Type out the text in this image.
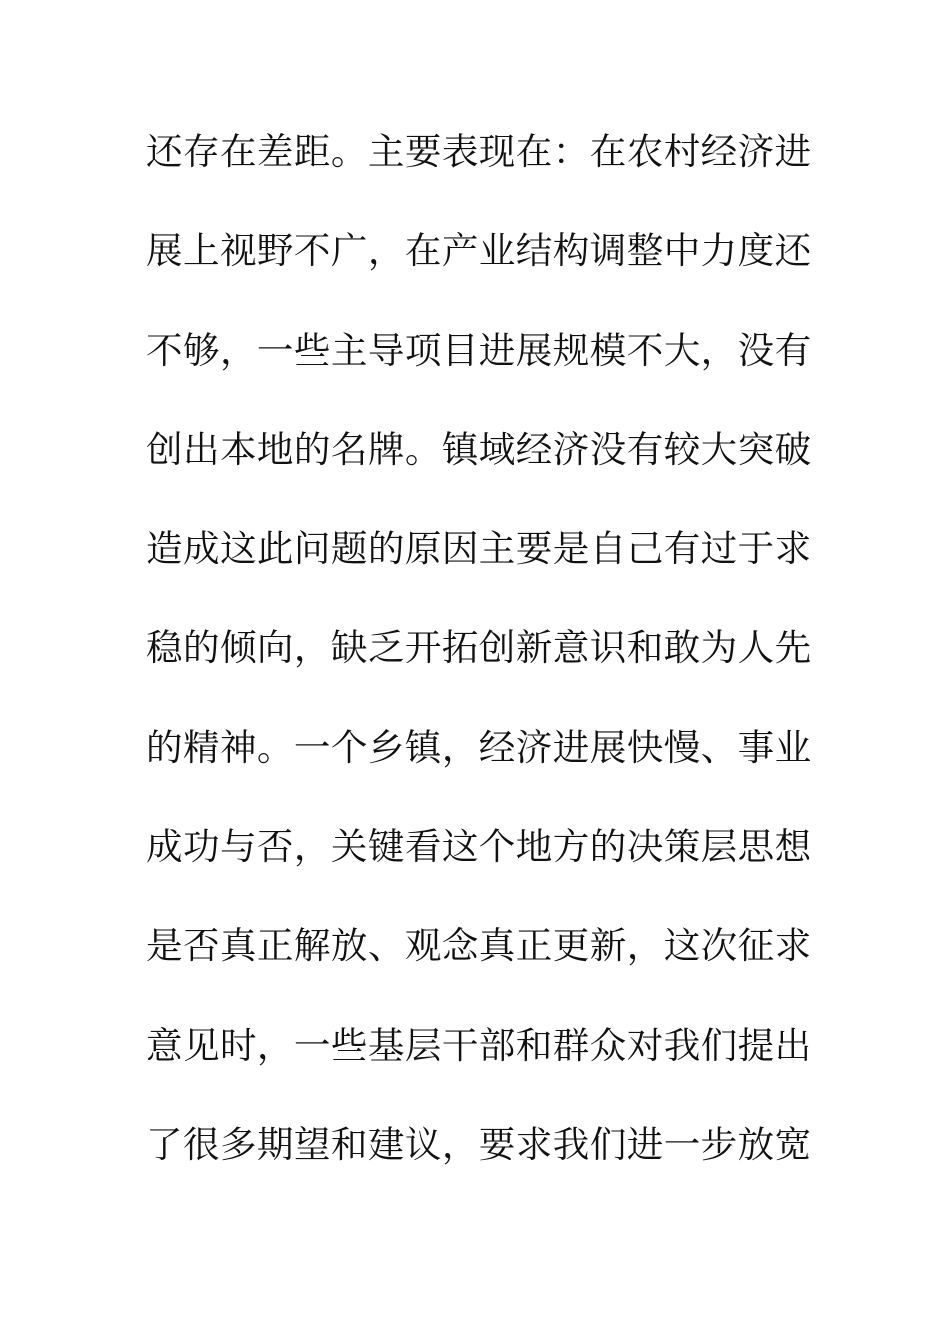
还存在差距。主要表现在：在农村经济进
展上视野不广，在产业结构调整中力度还
不够，一些主导项目进展规模不大，没有
创出本地的名牌。镇域经济没有较大突破
造成这此问题的原因主要是自己有过于求
稳的倾向，缺乏开拓创新意识和敢为人先
的精神。一个乡镇，经济进展快慢、事业
成功与否，关键看这个地方的决策层思想
是否真正解放、观念真正更新，这次征求
意见时，一些基层干部和群众对我们提出
了很多期望和建议，要求我们进一步放宽
